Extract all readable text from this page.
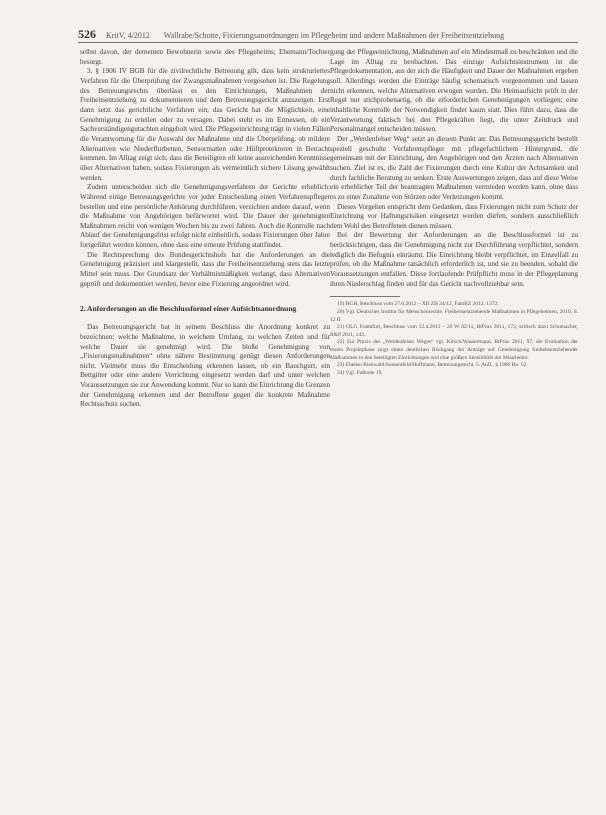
526 KritV, 4/2012 Wallrabe/Schotte, Fixierungsanordnungen im Pflegeheim und andere Maßnahmen der Freiheitsentziehung

selbst davon, der dementen Bewohnerin sowie des Pflegeheims; Ehemann/Tochter besorgt.

3. § 1906 IV BGB für die zivilrechtliche Betreuung gilt, dass kein strukturiertes Verfahren für die Überprüfung der Zwangsmaßnahmen vorgesehen ist. Die Regelung des Betreuungsrechts überlässt es den Einrichtungen, Maßnahmen der Freiheitsentziehung zu dokumentieren und dem Betreuungsgericht anzuzeigen. Erst dann setzt das gerichtliche Verfahren ein; das Gericht hat die Möglichkeit, eine Genehmigung zu erteilen oder zu versagen. Dabei steht es im Ermessen, ob ein Sachverständigengutachten eingeholt wird. Die Pflegeeinrichtung trägt in vielen Fällen die Verantwortung für die Auswahl der Maßnahme und die Überprüfung, ob mildere Alternativen wie Niederflurbetten, Sensormatten oder Hüftprotektoren in Betracht kommen. Im Alltag zeigt sich, dass die Beteiligten oft keine ausreichenden Kenntnisse über Alternativen haben, sodass Fixierungen als vermeintlich sichere Lösung gewählt werden.

Zudem unterscheiden sich die Genehmigungsverfahren der Gerichte erheblich: Während einige Betreuungsgerichte vor jeder Entscheidung einen Verfahrenspfleger bestellen und eine persönliche Anhörung durchführen, verzichten andere darauf, wenn die Maßnahme von Angehörigen befürwortet wird. Die Dauer der genehmigten Maßnahmen reicht von wenigen Wochen bis zu zwei Jahren. Auch die Kontrolle nach Ablauf der Genehmigungsfrist erfolgt nicht einheitlich, sodass Fixierungen über Jahre fortgeführt werden können, ohne dass eine erneute Prüfung stattfindet.

Die Rechtsprechung des Bundesgerichtshofs hat die Anforderungen an die Genehmigung präzisiert und klargestellt, dass die Freiheitsentziehung stets das letzte Mittel sein muss. Der Grundsatz der Verhältnismäßigkeit verlangt, dass Alternativen geprüft und dokumentiert werden, bevor eine Fixierung angeordnet wird.

2. Anforderungen an die Beschlussformel einer Aufsichtsanordnung

Das Betreuungsgericht hat in seinem Beschluss die Anordnung konkret zu bezeichnen: welche Maßnahme, in welchem Umfang, zu welchen Zeiten und für welche Dauer sie genehmigt wird. Die bloße Genehmigung von „Fixierungsmaßnahmen“ ohne nähere Bestimmung genügt diesen Anforderungen nicht. Vielmehr muss die Entscheidung erkennen lassen, ob ein Bauchgurt, ein Bettgitter oder eine andere Vorrichtung eingesetzt werden darf und unter welchen Voraussetzungen sie zur Anwendung kommt. Nur so kann die Einrichtung die Grenzen der Genehmigung erkennen und der Betroffene gegen die konkrete Maßnahme Rechtsschutz suchen.

gung der Pflegeeinrichtung, Maßnahmen auf ein Mindestmaß zu beschränken und die Lage im Alltag zu beobachten. Das einzige Aufsichtsinstrument ist die Pflegedokumentation, aus der sich die Häufigkeit und Dauer der Maßnahmen ergeben soll. Allerdings werden die Einträge häufig schematisch vorgenommen und lassen nicht erkennen, welche Alternativen erwogen wurden. Die Heimaufsicht prüft in der Regel nur stichprobenartig, ob die erforderlichen Genehmigungen vorliegen; eine inhaltliche Kontrolle der Notwendigkeit findet kaum statt. Dies führt dazu, dass die Verantwortung faktisch bei den Pflegekräften liegt, die unter Zeitdruck und Personalmangel entscheiden müssen.

Der „Werdenfelser Weg“ setzt an diesem Punkt an: Das Betreuungsgericht bestellt speziell geschulte Verfahrenspfleger mit pflegefachlichem Hintergrund, die gemeinsam mit der Einrichtung, den Angehörigen und den Ärzten nach Alternativen suchen. Ziel ist es, die Zahl der Fixierungen durch eine Kultur der Achtsamkeit und durch fachliche Beratung zu senken. Erste Auswertungen zeigen, dass auf diese Weise ein erheblicher Teil der beantragten Maßnahmen vermieden werden kann, ohne dass es zu einer Zunahme von Stürzen oder Verletzungen kommt.

Dieses Vorgehen entspricht dem Gedanken, dass Fixierungen nicht zum Schutz der Einrichtung vor Haftungsrisiken eingesetzt werden dürfen, sondern ausschließlich dem Wohl des Betroffenen dienen müssen.

Bei der Bewertung der Anforderungen an die Beschlussformel ist zu berücksichtigen, dass die Genehmigung nicht zur Durchführung verpflichtet, sondern lediglich die Befugnis einräumt. Die Einrichtung bleibt verpflichtet, im Einzelfall zu prüfen, ob die Maßnahme tatsächlich erforderlich ist, und sie zu beenden, sobald die Voraussetzungen entfallen. Diese fortlaufende Prüfpflicht muss in der Pflegeplanung ihren Niederschlag finden und für das Gericht nachvollziehbar sein.

19) BGH, Beschluss vom 27.6.2012 – XII ZB 24/12, FamRZ 2012, 1372.

20) Vgl. Deutsches Institut für Menschenrechte, Freiheitsentziehende Maßnahmen in Pflegeheimen, 2010, S. 12 ff.

21) OLG Frankfurt, Beschluss vom 12.4.2011 – 20 W 82/11, BtPrax 2011, 175; kritisch dazu Schumacher, R&P 2011, 143.

22) Zur Praxis des „Werdenfelser Weges“ vgl. Kirsch/Wassermann, BtPrax 2011, 97; die Evaluation der ersten Projektphase zeigt einen deutlichen Rückgang der Anträge auf Genehmigung freiheitsentziehender Maßnahmen in den beteiligten Einrichtungen und eine größere Sensibilität der Mitarbeiter.

23) Ebenso Bienwald/Sonnenfeld/Hoffmann, Betreuungsrecht, 5. Aufl., § 1906 Rn. 52.

24) Vgl. Fußnote 19.
